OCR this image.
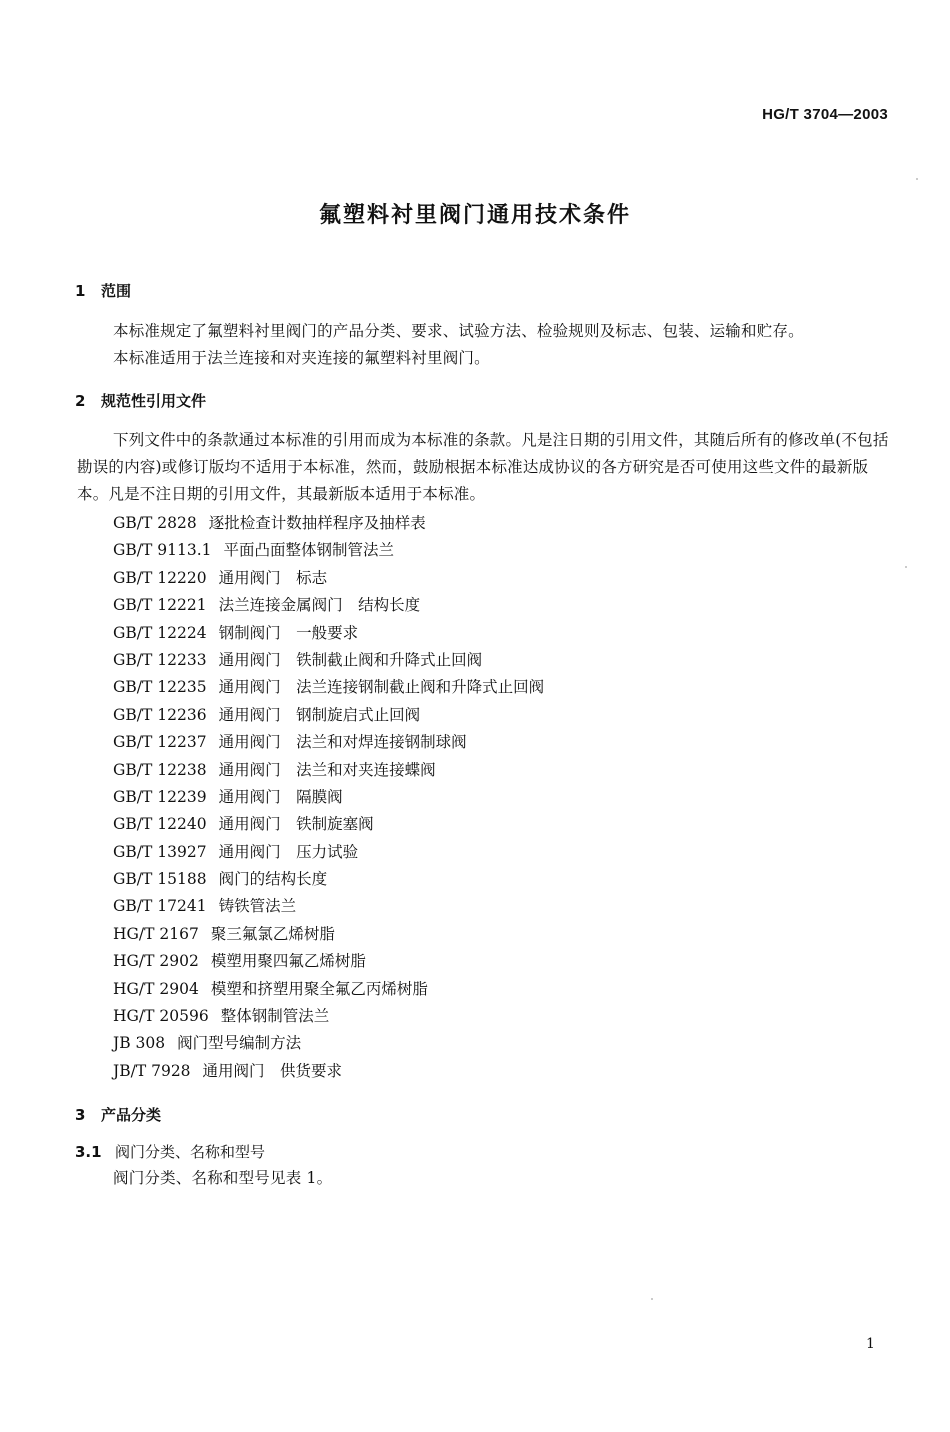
HG/T 3704—2003
氟塑料衬里阀门通用技术条件
1 范围
本标准规定了氟塑料衬里阀门的产品分类、要求、试验方法、检验规则及标志、包装、运输和贮存。
本标准适用于法兰连接和对夹连接的氟塑料衬里阀门。
2 规范性引用文件
下列文件中的条款通过本标准的引用而成为本标准的条款。凡是注日期的引用文件，其随后所有的修改单(不包括勘误的内容)或修订版均不适用于本标准，然而，鼓励根据本标准达成协议的各方研究是否可使用这些文件的最新版本。凡是不注日期的引用文件，其最新版本适用于本标准。
GB/T 2828 逐批检查计数抽样程序及抽样表
GB/T 9113.1 平面凸面整体钢制管法兰
GB/T 12220 通用阀门　标志
GB/T 12221 法兰连接金属阀门　结构长度
GB/T 12224 钢制阀门　一般要求
GB/T 12233 通用阀门　铁制截止阀和升降式止回阀
GB/T 12235 通用阀门　法兰连接钢制截止阀和升降式止回阀
GB/T 12236 通用阀门　钢制旋启式止回阀
GB/T 12237 通用阀门　法兰和对焊连接钢制球阀
GB/T 12238 通用阀门　法兰和对夹连接蝶阀
GB/T 12239 通用阀门　隔膜阀
GB/T 12240 通用阀门　铁制旋塞阀
GB/T 13927 通用阀门　压力试验
GB/T 15188 阀门的结构长度
GB/T 17241 铸铁管法兰
HG/T 2167 聚三氟氯乙烯树脂
HG/T 2902 模塑用聚四氟乙烯树脂
HG/T 2904 模塑和挤塑用聚全氟乙丙烯树脂
HG/T 20596 整体钢制管法兰
JB 308 阀门型号编制方法
JB/T 7928 通用阀门　供货要求
3 产品分类
3.1 阀门分类、名称和型号
阀门分类、名称和型号见表 1。
1
